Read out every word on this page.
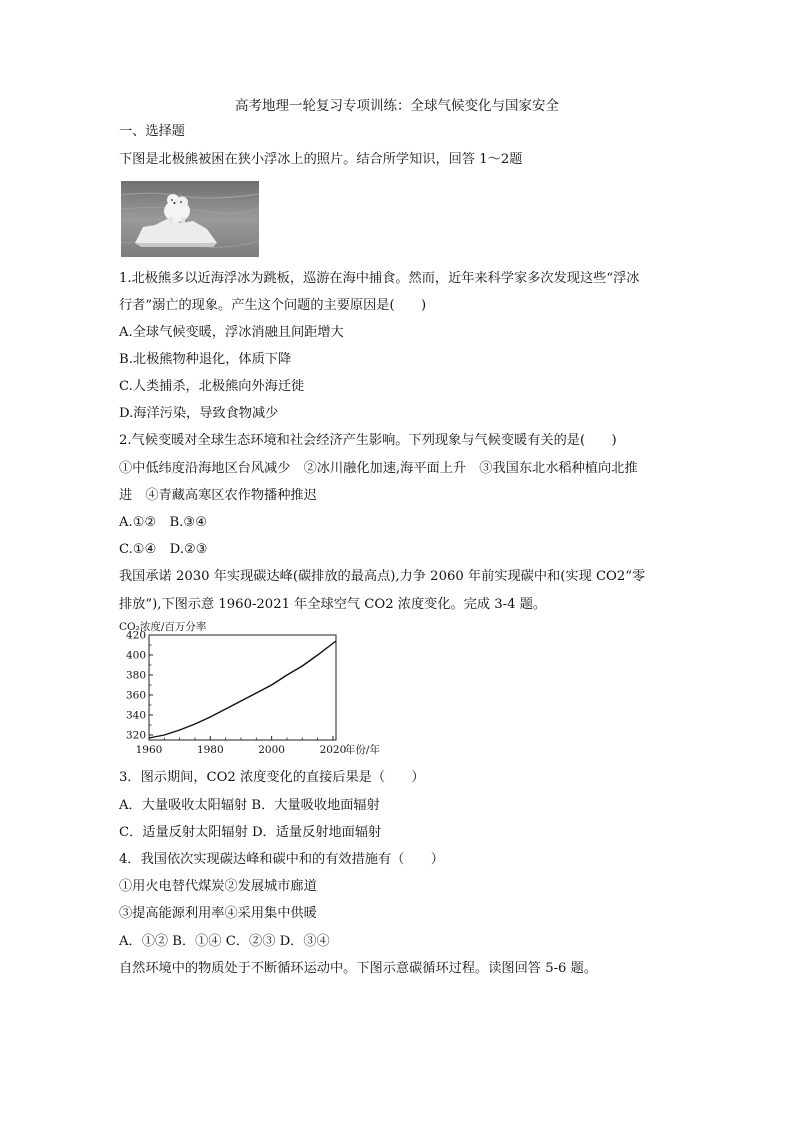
高考地理一轮复习专项训练：全球气候变化与国家安全
一、选择题
下图是北极熊被困在狭小浮冰上的照片。结合所学知识，回答 1～2题
1.北极熊多以近海浮冰为跳板，巡游在海中捕食。然而，近年来科学家多次发现这些“浮冰
行者”溺亡的现象。产生这个问题的主要原因是(　　)
A.全球气候变暖，浮冰消融且间距增大
B.北极熊物种退化，体质下降
C.人类捕杀，北极熊向外海迁徙
D.海洋污染，导致食物减少
2.气候变暖对全球生态环境和社会经济产生影响。下列现象与气候变暖有关的是(　　)
①中低纬度沿海地区台风减少　②冰川融化加速,海平面上升　③我国东北水稻种植向北推
进　④青藏高寒区农作物播种推迟
A.①②　B.③④
C.①④　D.②③
我国承诺 2030 年实现碳达峰(碳排放的最高点),力争 2060 年前实现碳中和(实现 CO2“零
排放”),下图示意 1960-2021 年全球空气 CO2 浓度变化。完成 3-4 题。
CO₂浓度/百万分率
320
340
360
380
400
420
1960	1980	2000	2020
年份/年
3．图示期间，CO2 浓度变化的直接后果是（　　）
A．大量吸收太阳辐射 B．大量吸收地面辐射
C．适量反射太阳辐射 D．适量反射地面辐射
4．我国依次实现碳达峰和碳中和的有效措施有（　　）
①用火电替代煤炭②发展城市廊道
③提高能源利用率④采用集中供暖
A．①② B．①④ C．②③ D．③④
自然环境中的物质处于不断循环运动中。下图示意碳循环过程。读图回答 5-6 题。
